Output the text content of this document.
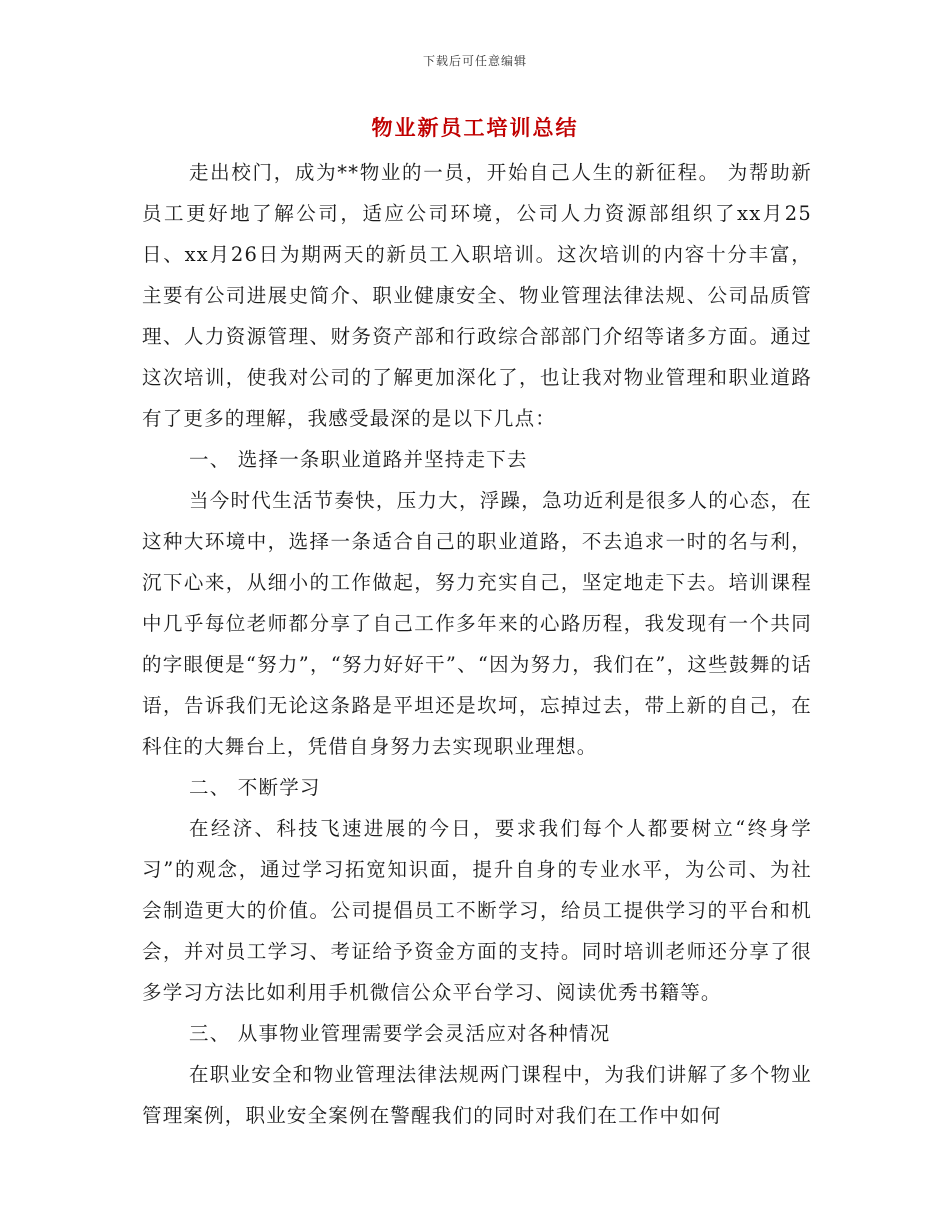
下载后可任意编辑
物业新员工培训总结

走出校门，成为**物业的一员，开始自己人生的新征程。 为帮助新员工更好地了解公司，适应公司环境，公司人力资源部组织了xx月25日、xx月26日为期两天的新员工入职培训。这次培训的内容十分丰富，主要有公司进展史简介、职业健康安全、物业管理法律法规、公司品质管理、人力资源管理、财务资产部和行政综合部部门介绍等诸多方面。通过这次培训，使我对公司的了解更加深化了，也让我对物业管理和职业道路有了更多的理解，我感受最深的是以下几点：

一、 选择一条职业道路并坚持走下去

当今时代生活节奏快，压力大，浮躁，急功近利是很多人的心态，在这种大环境中，选择一条适合自己的职业道路，不去追求一时的名与利，沉下心来，从细小的工作做起，努力充实自己，坚定地走下去。培训课程中几乎每位老师都分享了自己工作多年来的心路历程，我发现有一个共同的字眼便是“努力”，“努力好好干”、“因为努力，我们在”，这些鼓舞的话语，告诉我们无论这条路是平坦还是坎坷，忘掉过去，带上新的自己，在科住的大舞台上，凭借自身努力去实现职业理想。

二、 不断学习

在经济、科技飞速进展的今日，要求我们每个人都要树立“终身学习”的观念，通过学习拓宽知识面，提升自身的专业水平，为公司、为社会制造更大的价值。公司提倡员工不断学习，给员工提供学习的平台和机会，并对员工学习、考证给予资金方面的支持。同时培训老师还分享了很多学习方法比如利用手机微信公众平台学习、阅读优秀书籍等。

三、 从事物业管理需要学会灵活应对各种情况

在职业安全和物业管理法律法规两门课程中，为我们讲解了多个物业管理案例，职业安全案例在警醒我们的同时对我们在工作中如何
